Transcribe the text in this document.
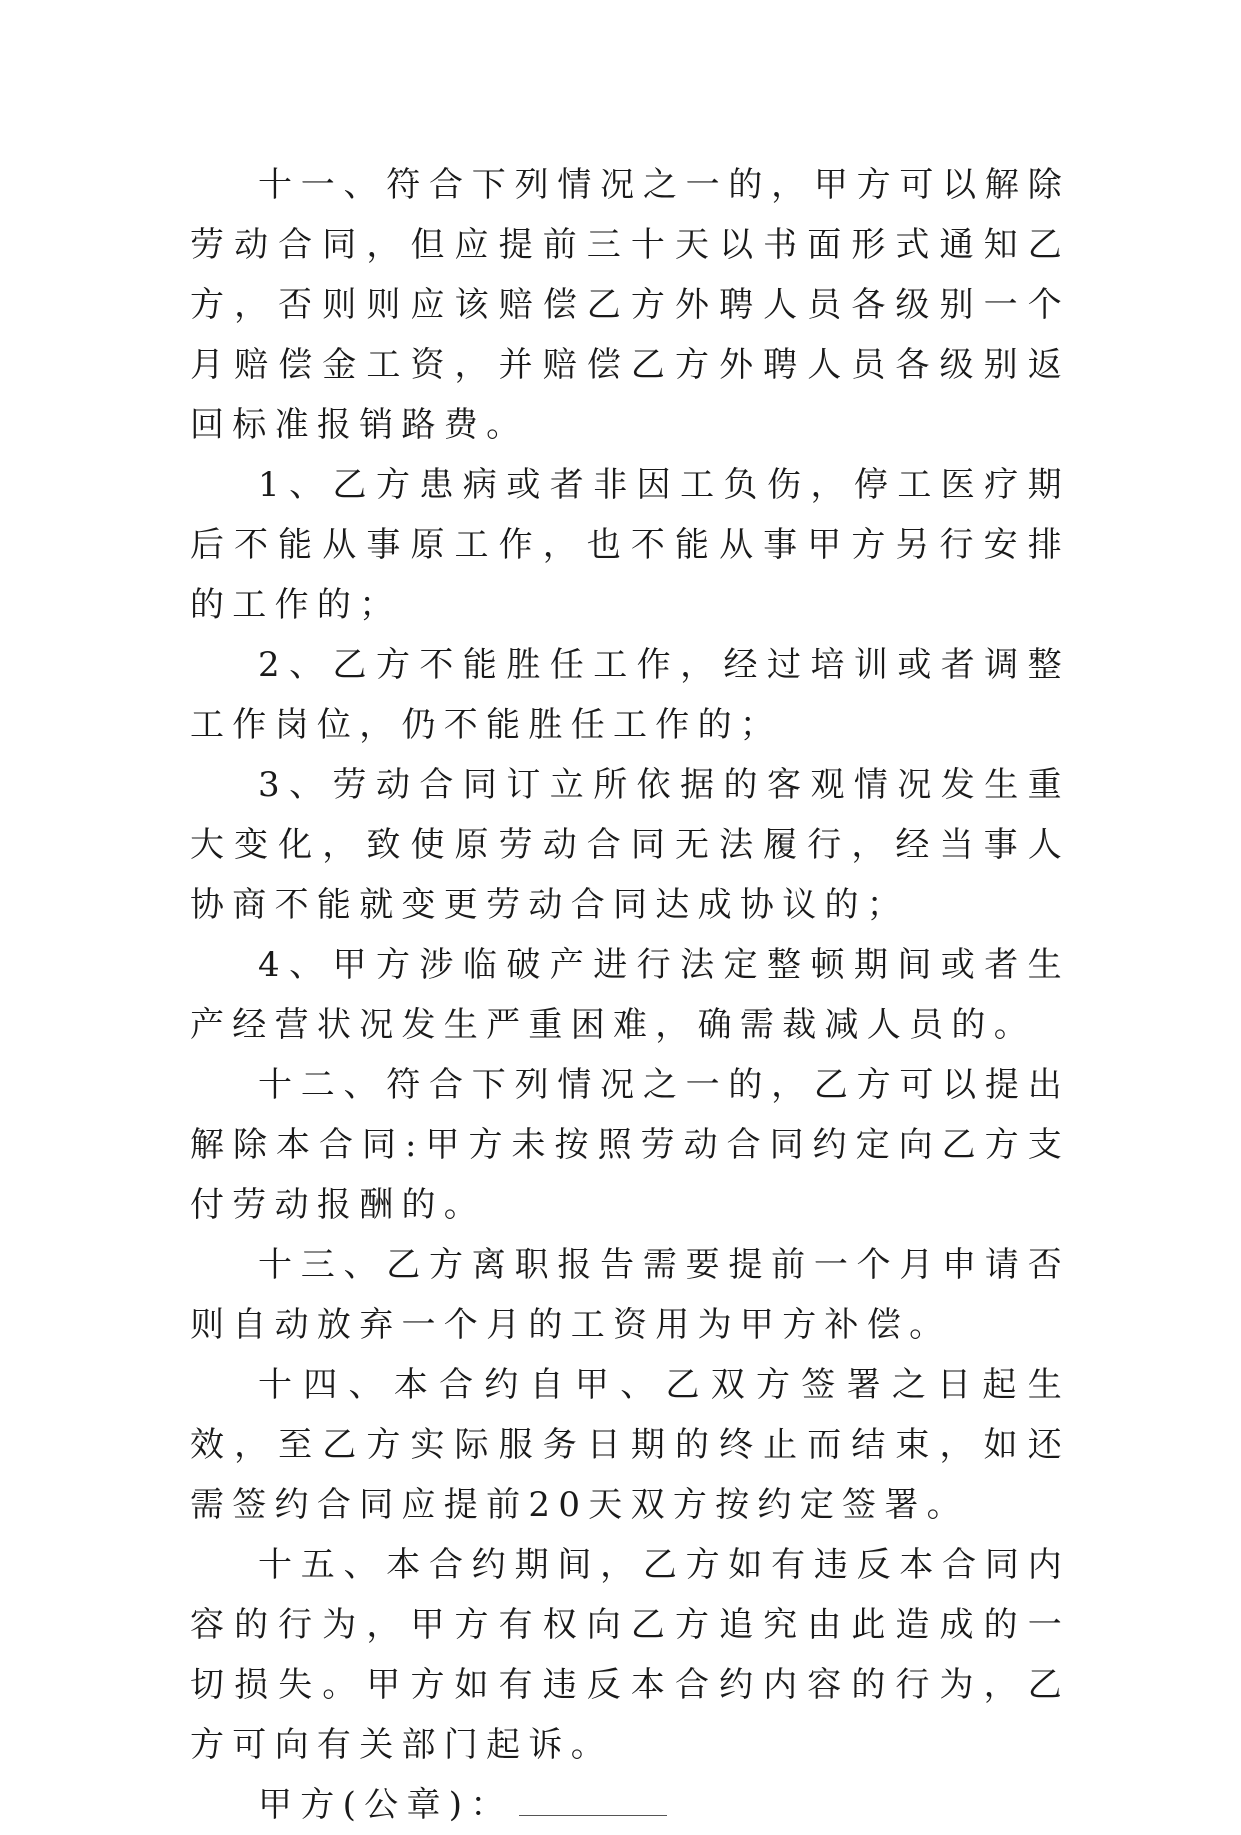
十一、符合下列情况之一的，甲方可以解除劳动合同，但应提前三十天以书面形式通知乙方，否则则应该赔偿乙方外聘人员各级别一个月赔偿金工资，并赔偿乙方外聘人员各级别返回标准报销路费。

1、乙方患病或者非因工负伤，停工医疗期后不能从事原工作，也不能从事甲方另行安排的工作的；

2、乙方不能胜任工作，经过培训或者调整工作岗位，仍不能胜任工作的；

3、劳动合同订立所依据的客观情况发生重大变化，致使原劳动合同无法履行，经当事人协商不能就变更劳动合同达成协议的；

4、甲方涉临破产进行法定整顿期间或者生产经营状况发生严重困难，确需裁减人员的。

十二、符合下列情况之一的，乙方可以提出解除本合同:甲方未按照劳动合同约定向乙方支付劳动报酬的。

十三、乙方离职报告需要提前一个月申请否则自动放弃一个月的工资用为甲方补偿。

十四、本合约自甲、乙双方签署之日起生效，至乙方实际服务日期的终止而结束，如还需签约合同应提前20天双方按约定签署。

十五、本合约期间，乙方如有违反本合同内容的行为，甲方有权向乙方追究由此造成的一切损失。甲方如有违反本合约内容的行为，乙方可向有关部门起诉。

甲方(公章)：
